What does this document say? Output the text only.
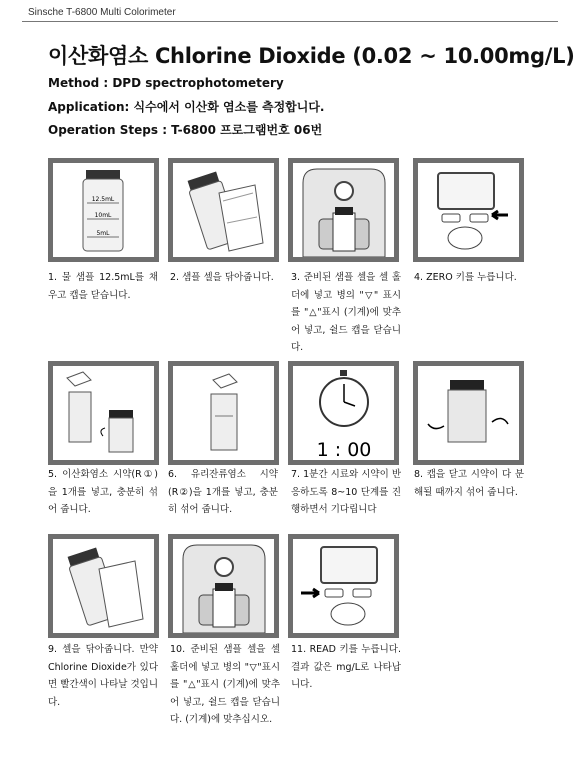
Sinsche T-6800 Multi Colorimeter
이산화염소 Chlorine Dioxide (0.02 ~ 10.00mg/L)
Method : DPD spectrophotometery
Application: 식수에서 이산화 염소를 측정합니다.
Operation Steps : T-6800 프로그램번호 06번
12.5mL
10mL
5mL
1. 물 샘플 12.5mL를 채우고 캡을 닫습니다.
2. 샘플 셀을 닦아줍니다.	3. 준비된 샘플 셀을 셀 홀더에 넣고 병의 "▽" 표시를 "△"표시 (기계)에 맞추어 넣고, 쉴드 캡을 닫습니다.
4. ZERO 키를 누릅니다.
1 : 00
5. 이산화염소 시약(R①)을 1개를 넣고, 충분히 섞어 줍니다.
6. 유리잔류염소 시약 (R②)을 1개를 넣고, 충분히 섞어 줍니다.
7. 1분간 시료와 시약이 반응하도록 8~10 단계를 진행하면서 기다립니다
8. 캡을 닫고 시약이 다 분해될 때까지 섞어 줍니다.
9. 셀을 닦아줍니다. 만약 Chlorine Dioxide가 있다면 빨간색이 나타날 것입니다.
10. 준비된 샘플 셀을 셀 홀더에 넣고 병의 "▽"표시를 "△"표시 (기계)에 맞추어 넣고, 쉴드 캡을 닫습니다. (기계)에 맞추십시오.
11. READ 키를 누릅니다. 결과 값은 mg/L로 나타납니다.
